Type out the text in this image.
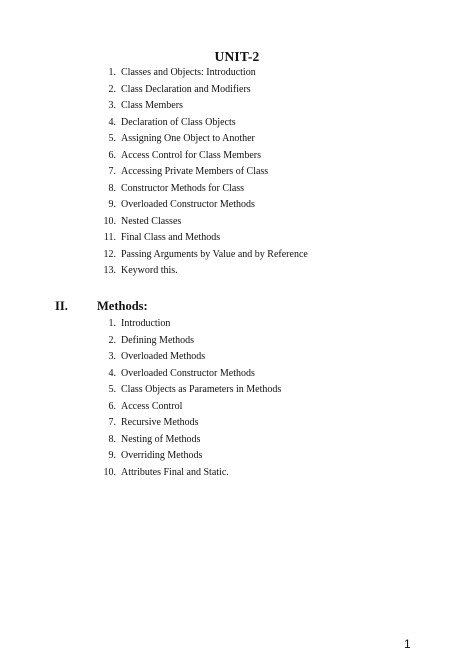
UNIT-2
1. Classes and Objects: Introduction
2. Class Declaration and Modifiers
3. Class Members
4. Declaration of Class Objects
5. Assigning One Object to Another
6. Access Control for Class Members
7. Accessing Private Members of Class
8. Constructor Methods for Class
9. Overloaded Constructor Methods
10. Nested Classes
11. Final Class and Methods
12. Passing Arguments by Value and by Reference
13. Keyword this.
II. Methods:
1. Introduction
2. Defining Methods
3. Overloaded Methods
4. Overloaded Constructor Methods
5. Class Objects as Parameters in Methods
6. Access Control
7. Recursive Methods
8. Nesting of Methods
9. Overriding Methods
10. Attributes Final and Static.
1
